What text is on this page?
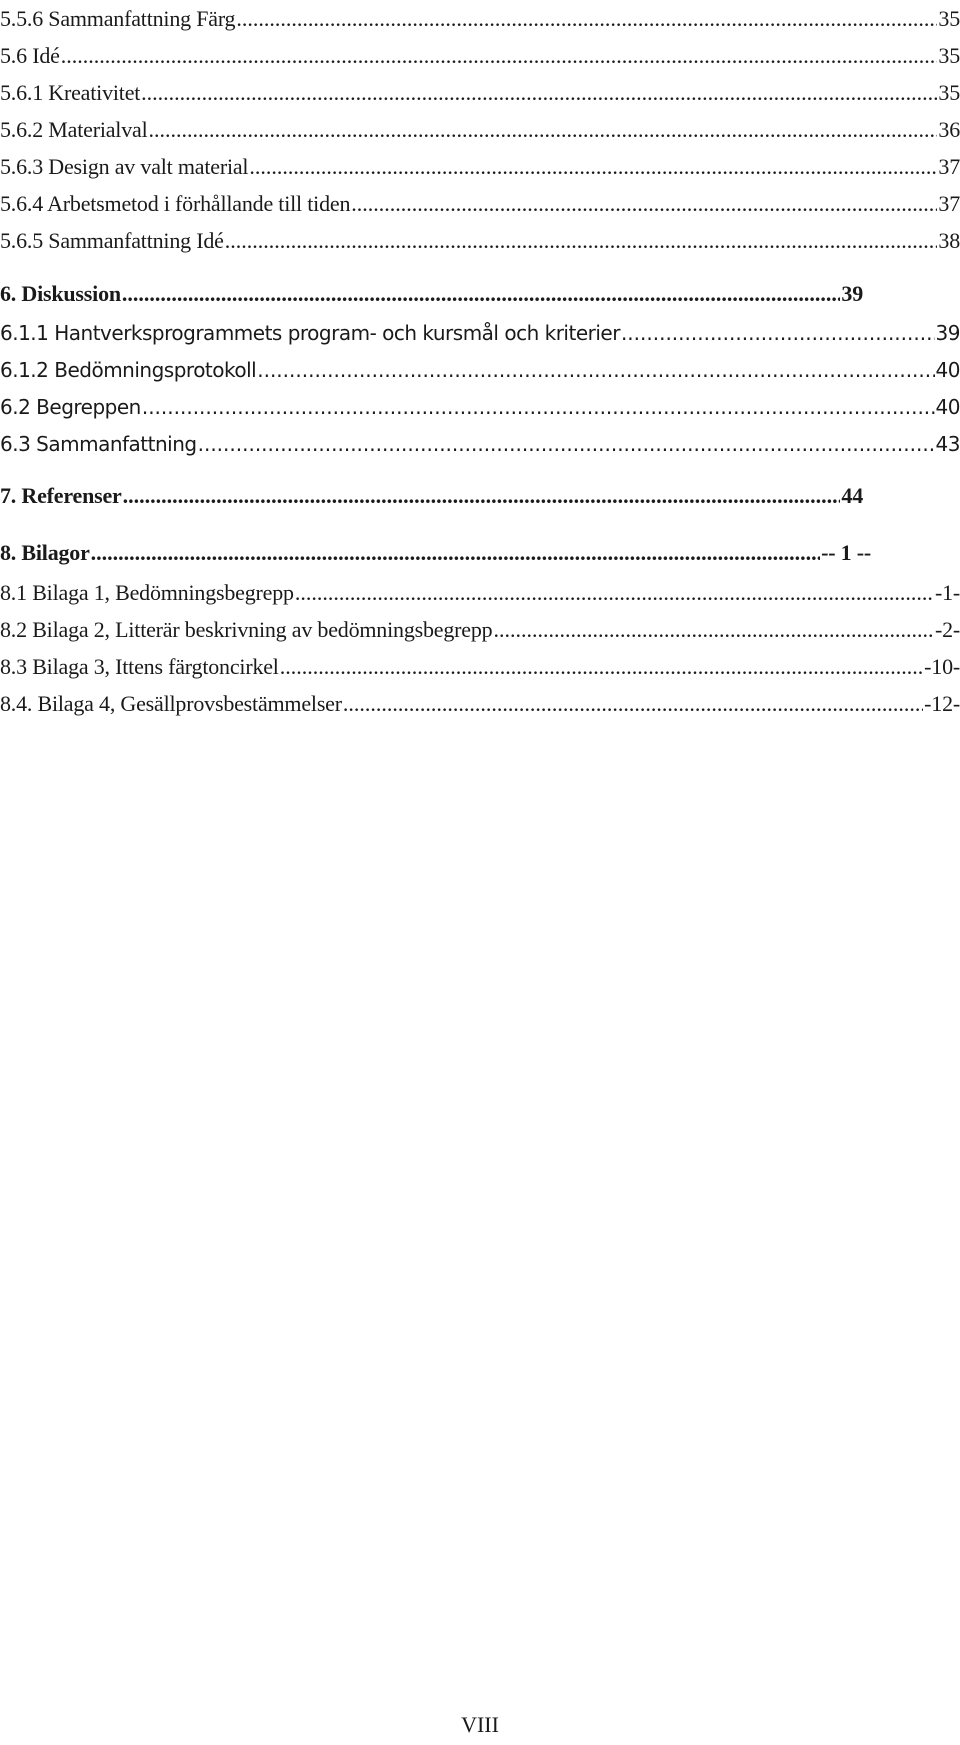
5.5.6 Sammanfattning Färg .....	35
5.6 Idé .....	35
5.6.1 Kreativitet .....	35
5.6.2 Materialval .....	36
5.6.3 Design av valt material .....	37
5.6.4 Arbetsmetod i förhållande till tiden .....	37
5.6.5 Sammanfattning Idé .....	38
6. Diskussion .....	39
6.1.1 Hantverksprogrammets program- och kursmål och kriterier .....	39
6.1.2 Bedömningsprotokoll .....	40
6.2 Begreppen .....	40
6.3 Sammanfattning .....	43
7. Referenser .....	44
8. Bilagor .....	-- 1 --
8.1 Bilaga 1, Bedömningsbegrepp .....	-1-
8.2 Bilaga 2, Litterär beskrivning av bedömningsbegrepp .....	-2-
8.3 Bilaga 3, Ittens färgtoncirkel .....	-10-
8.4. Bilaga 4, Gesällprovsbestämmelser .....	-12-
VIII
